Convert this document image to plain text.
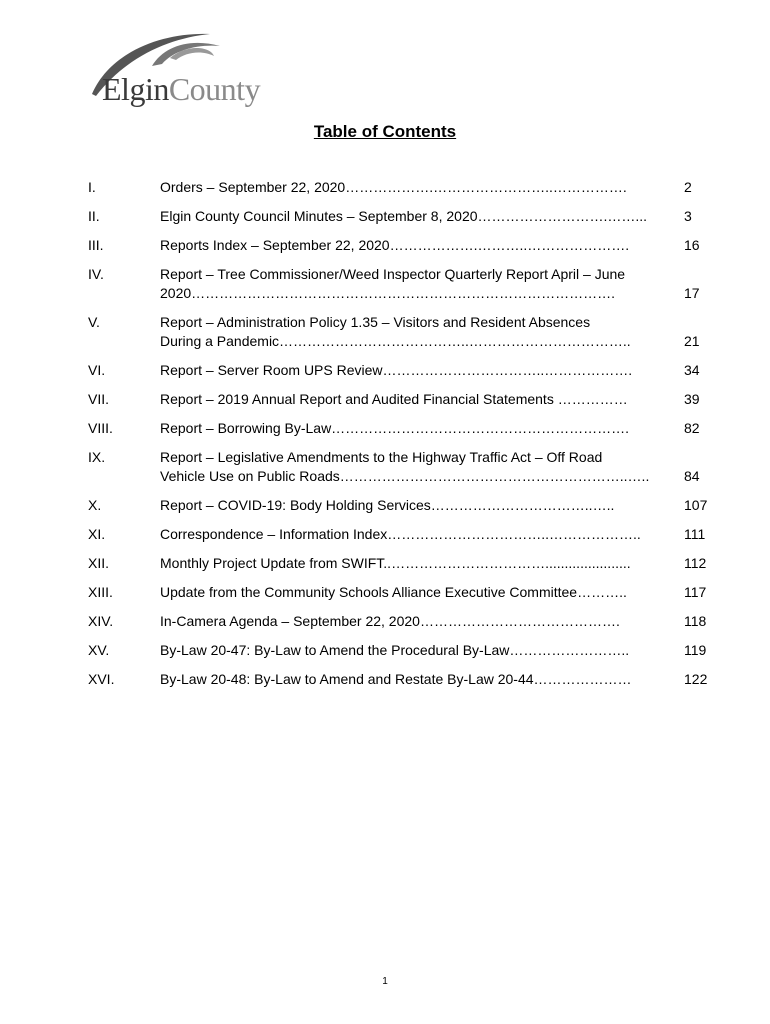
ElginCounty
Table of Contents
I.	Orders – September 22, 2020……………….……………………..…………….	2
II.	Elgin County Council Minutes – September 8, 2020……………………….……...	3
III.	Reports Index – September 22, 2020……………….………..………………….	16
IV.	Report – Tree Commissioner/Weed Inspector Quarterly Report April – June
2020……………………………………………………………………………….	17
V.	Report – Administration Policy 1.35 – Visitors and Resident Absences
During a Pandemic…………………………………..……………………………..	21
VI.	Report – Server Room UPS Review……………………………..……………….	34
VII.	Report – 2019 Annual Report and Audited Financial Statements ……………	39
VIII.	Report – Borrowing By-Law……………………………………………………….	82
IX.	Report – Legislative Amendments to the Highway Traffic Act – Off Road
Vehicle Use on Public Roads……………………………………………………..…..	84
X.	Report – COVID-19: Body Holding Services……………………………..…..	107
XI.	Correspondence – Information Index……………………………..………………..	111
XII.	Monthly Project Update from SWIFT..……………………………......................	112
XIII.	Update from the Community Schools Alliance Executive Committee………..	117
XIV.	In-Camera Agenda – September 22, 2020…………………………………….	118
XV.	By-Law 20-47: By-Law to Amend the Procedural By-Law……………………..	119
XVI.	By-Law 20-48: By-Law to Amend and Restate By-Law 20-44…………………	122
1
